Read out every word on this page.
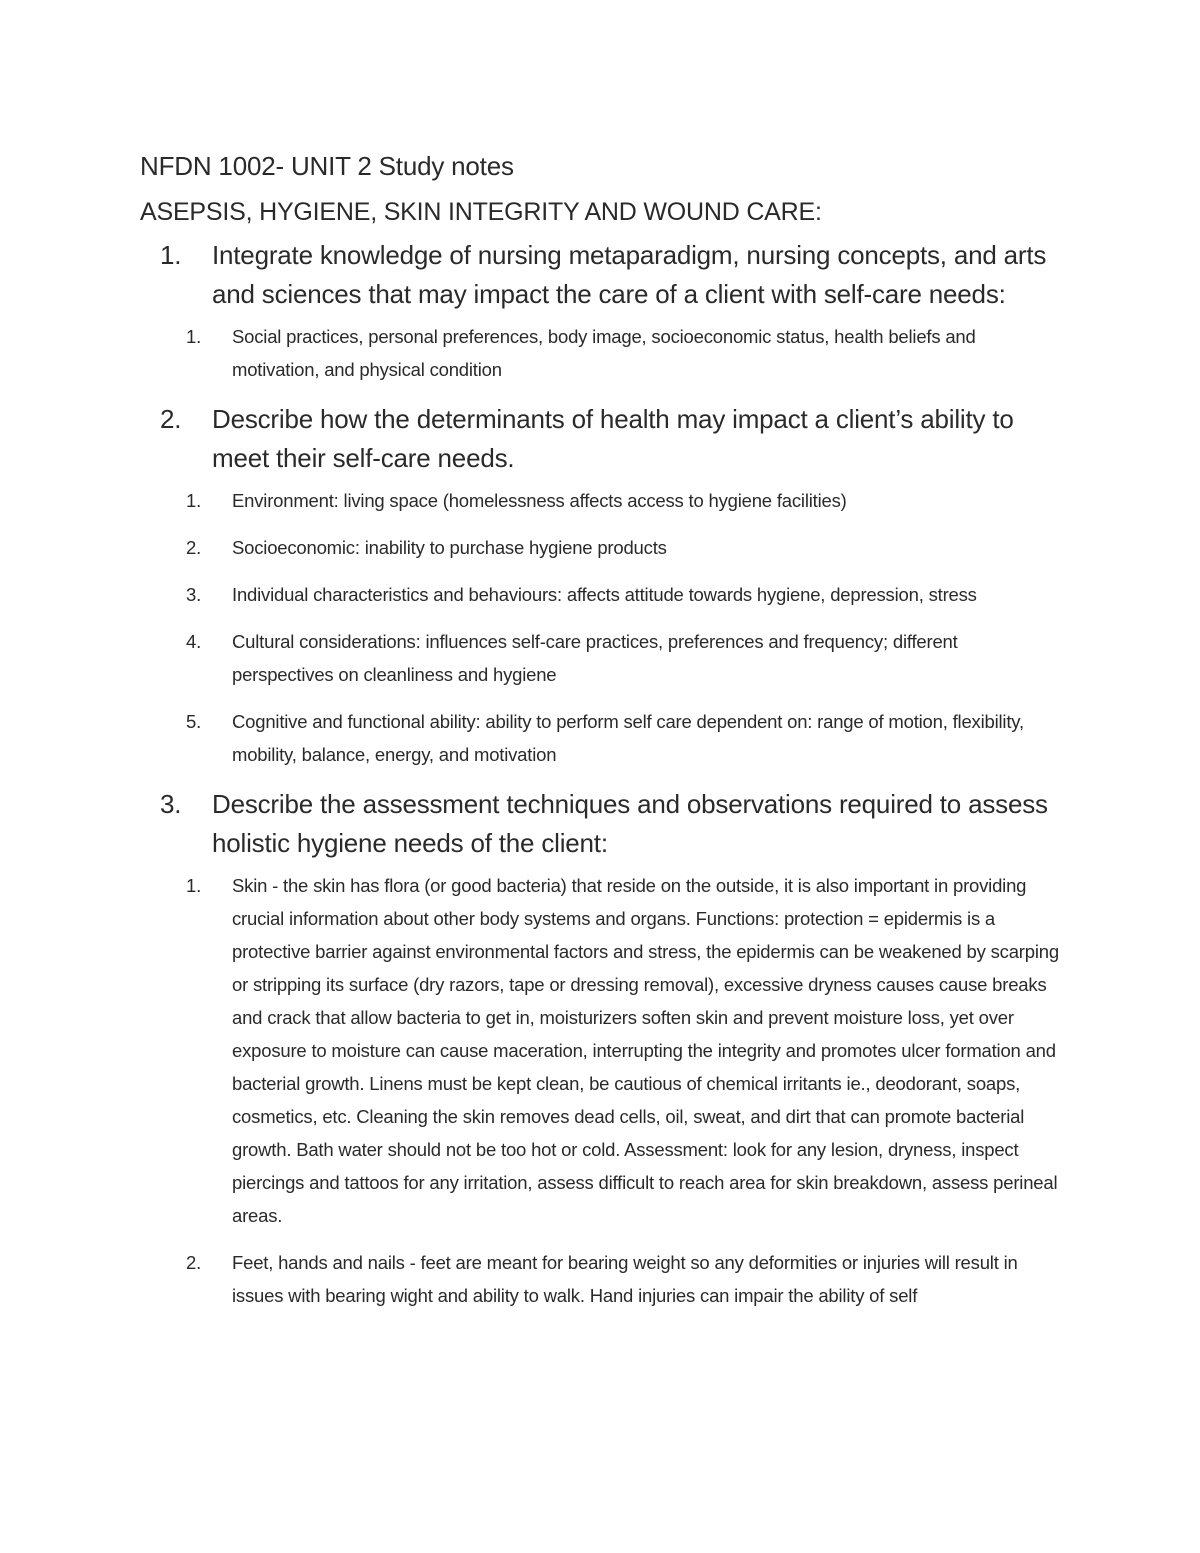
NFDN 1002- UNIT 2 Study notes
ASEPSIS, HYGIENE, SKIN INTEGRITY AND WOUND CARE:
1. Integrate knowledge of nursing metaparadigm, nursing concepts, and arts and sciences that may impact the care of a client with self-care needs:
1. Social practices, personal preferences, body image, socioeconomic status, health beliefs and motivation, and physical condition
2. Describe how the determinants of health may impact a client’s ability to meet their self-care needs.
1. Environment: living space (homelessness affects access to hygiene facilities)
2. Socioeconomic: inability to purchase hygiene products
3. Individual characteristics and behaviours: affects attitude towards hygiene, depression, stress
4. Cultural considerations: influences self-care practices, preferences and frequency; different perspectives on cleanliness and hygiene
5. Cognitive and functional ability: ability to perform self care dependent on: range of motion, flexibility, mobility, balance, energy, and motivation
3. Describe the assessment techniques and observations required to assess holistic hygiene needs of the client:
1. Skin - the skin has flora (or good bacteria) that reside on the outside, it is also important in providing crucial information about other body systems and organs. Functions: protection = epidermis is a protective barrier against environmental factors and stress, the epidermis can be weakened by scarping or stripping its surface (dry razors, tape or dressing removal), excessive dryness causes cause breaks and crack that allow bacteria to get in, moisturizers soften skin and prevent moisture loss, yet over exposure to moisture can cause maceration, interrupting the integrity and promotes ulcer formation and bacterial growth. Linens must be kept clean, be cautious of chemical irritants ie., deodorant, soaps, cosmetics, etc. Cleaning the skin removes dead cells, oil, sweat, and dirt that can promote bacterial growth. Bath water should not be too hot or cold. Assessment: look for any lesion, dryness, inspect piercings and tattoos for any irritation, assess difficult to reach area for skin breakdown, assess perineal areas.
2. Feet, hands and nails - feet are meant for bearing weight so any deformities or injuries will result in issues with bearing wight and ability to walk. Hand injuries can impair the ability of self
